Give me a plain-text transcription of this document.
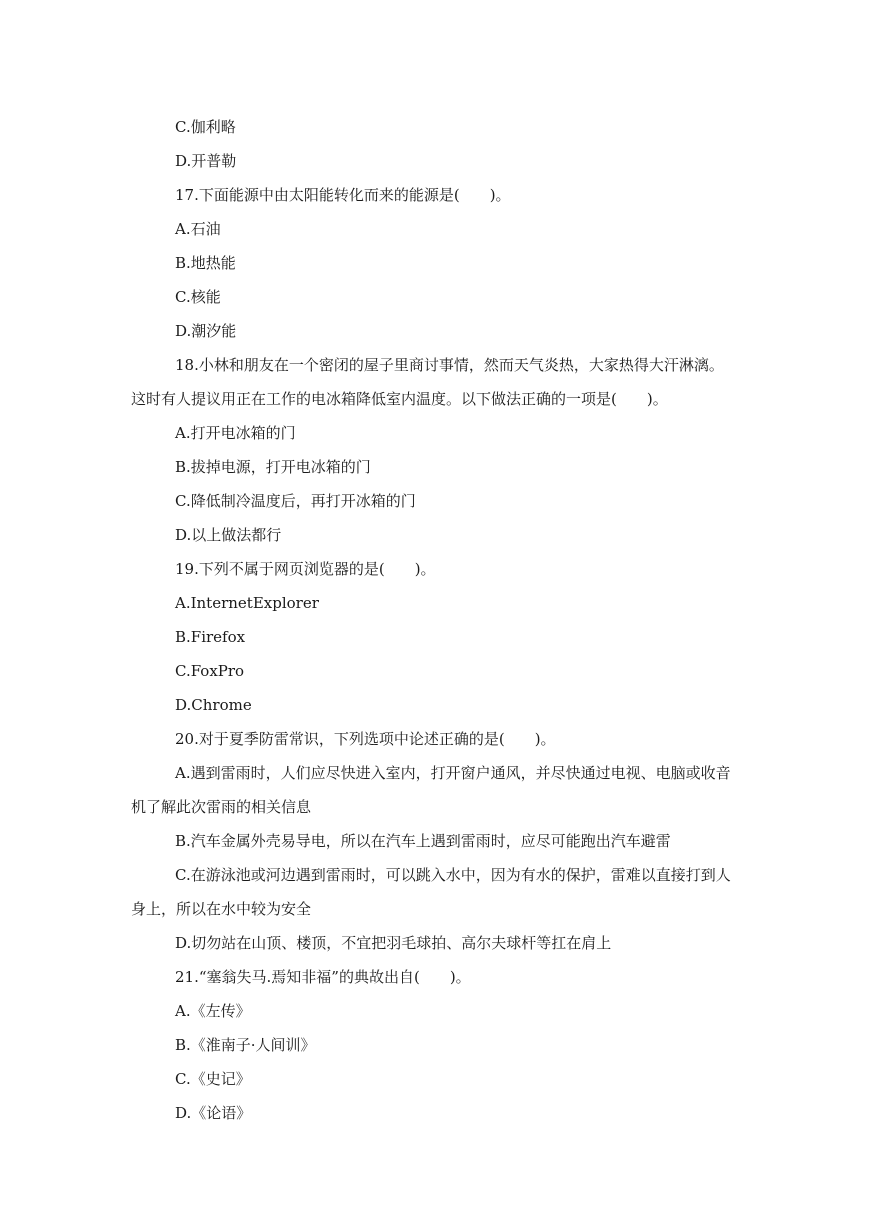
C.伽利略

D.开普勒

17.下面能源中由太阳能转化而来的能源是(　　)。

A.石油

B.地热能

C.核能

D.潮汐能

18.小林和朋友在一个密闭的屋子里商讨事情，然而天气炎热，大家热得大汗淋漓。

这时有人提议用正在工作的电冰箱降低室内温度。以下做法正确的一项是(　　)。

A.打开电冰箱的门

B.拔掉电源，打开电冰箱的门

C.降低制冷温度后，再打开冰箱的门

D.以上做法都行

19.下列不属于网页浏览器的是(　　)。

A.InternetExplorer

B.Firefox

C.FoxPro

D.Chrome

20.对于夏季防雷常识，下列选项中论述正确的是(　　)。

A.遇到雷雨时，人们应尽快进入室内，打开窗户通风，并尽快通过电视、电脑或收音

机了解此次雷雨的相关信息

B.汽车金属外壳易导电，所以在汽车上遇到雷雨时，应尽可能跑出汽车避雷

C.在游泳池或河边遇到雷雨时，可以跳入水中，因为有水的保护，雷难以直接打到人

身上，所以在水中较为安全

D.切勿站在山顶、楼顶，不宜把羽毛球拍、高尔夫球杆等扛在肩上

21.“塞翁失马.焉知非福”的典故出自(　　)。

A.《左传》

B.《淮南子·人间训》

C.《史记》

D.《论语》
